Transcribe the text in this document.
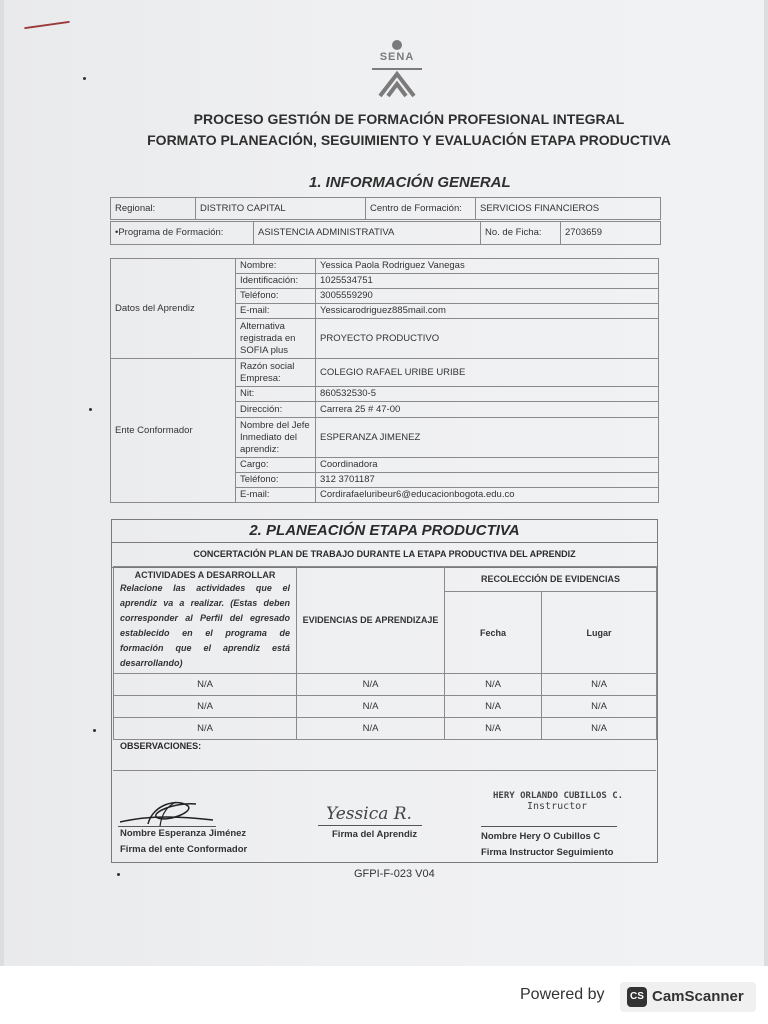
SENA
PROCESO GESTIÓN DE FORMACIÓN PROFESIONAL INTEGRAL
FORMATO PLANEACIÓN, SEGUIMIENTO Y EVALUACIÓN ETAPA PRODUCTIVA
1. INFORMACIÓN GENERAL
Regional:	DISTRITO CAPITAL	Centro de Formación:	SERVICIOS FINANCIEROS
•Programa de Formación:	ASISTENCIA ADMINISTRATIVA	No. de Ficha:	2703659
Datos del Aprendiz	Nombre:	Yessica Paola Rodriguez Vanegas
	Identificación:	1025534751
	Teléfono:	3005559290
	E-mail:	Yessicarodriguez885mail.com
	Alternativa registrada en SOFIA plus	PROYECTO PRODUCTIVO
Ente Conformador	Razón social Empresa:	COLEGIO RAFAEL URIBE URIBE
	Nit:	860532530-5
	Dirección:	Carrera 25 # 47-00
	Nombre del Jefe Inmediato del aprendiz:	ESPERANZA JIMENEZ
	Cargo:	Coordinadora
	Teléfono:	312 3701187
	E-mail:	Cordirafaeluribeur6@educacionbogota.edu.co
2. PLANEACIÓN ETAPA PRODUCTIVA
CONCERTACIÓN PLAN DE TRABAJO DURANTE LA ETAPA PRODUCTIVA DEL APRENDIZ
ACTIVIDADES A DESARROLLAR
Relacione las actividades que el aprendiz va a realizar. (Estas deben corresponder al Perfil del egresado establecido en el programa de formación que el aprendiz está desarrollando)	EVIDENCIAS DE APRENDIZAJE	RECOLECCIÓN DE EVIDENCIAS	
		Fecha	Lugar
N/A	N/A	N/A	N/A
N/A	N/A	N/A	N/A
N/A	N/A	N/A	N/A
OBSERVACIONES:
Nombre Esperanza Jiménez
Firma del ente Conformador
Yessica R.
Firma del Aprendiz
HERY ORLANDO CUBILLOS C.
Instructor
Nombre Hery O Cubillos C
Firma Instructor Seguimiento
GFPI-F-023 V04
Powered by	CS CamScanner
